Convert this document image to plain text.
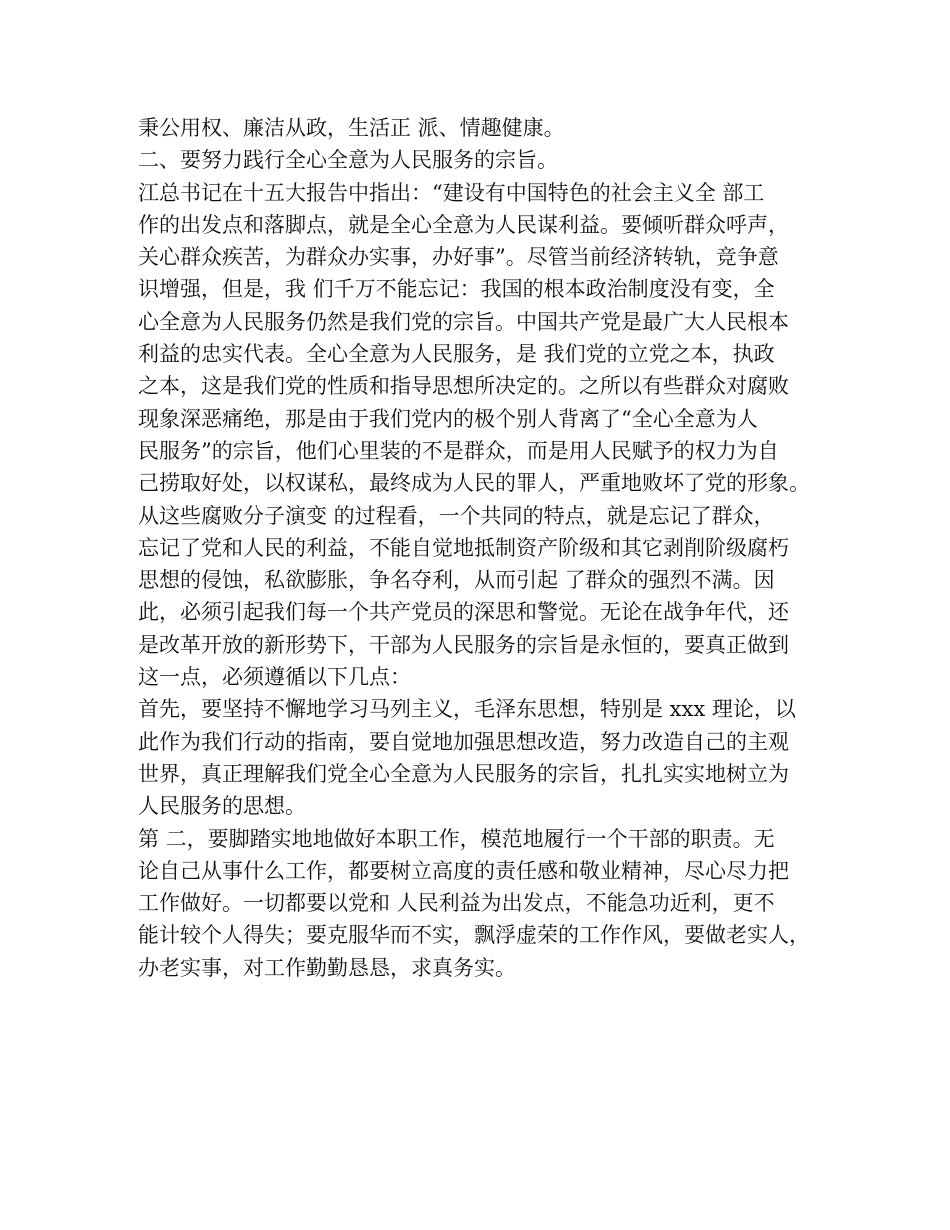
秉公用权、廉洁从政，生活正 派、情趣健康。
二、要努力践行全心全意为人民服务的宗旨。
江总书记在十五大报告中指出：“建设有中国特色的社会主义全 部工
作的出发点和落脚点，就是全心全意为人民谋利益。要倾听群众呼声，
关心群众疾苦，为群众办实事，办好事”。尽管当前经济转轨，竞争意
识增强，但是，我 们千万不能忘记：我国的根本政治制度没有变，全
心全意为人民服务仍然是我们党的宗旨。中国共产党是最广大人民根本
利益的忠实代表。全心全意为人民服务，是 我们党的立党之本，执政
之本，这是我们党的性质和指导思想所决定的。之所以有些群众对腐败
现象深恶痛绝，那是由于我们党内的极个别人背离了“全心全意为人
民服务”的宗旨，他们心里装的不是群众，而是用人民赋予的权力为自
己捞取好处，以权谋私，最终成为人民的罪人，严重地败坏了党的形象。
从这些腐败分子演变 的过程看，一个共同的特点，就是忘记了群众，
忘记了党和人民的利益，不能自觉地抵制资产阶级和其它剥削阶级腐朽
思想的侵蚀，私欲膨胀，争名夺利，从而引起 了群众的强烈不满。因
此，必须引起我们每一个共产党员的深思和警觉。无论在战争年代，还
是改革开放的新形势下，干部为人民服务的宗旨是永恒的，要真正做到
这一点，必须遵循以下几点：
首先，要坚持不懈地学习马列主义，毛泽东思想，特别是 xxx 理论，以
此作为我们行动的指南，要自觉地加强思想改造，努力改造自己的主观
世界，真正理解我们党全心全意为人民服务的宗旨，扎扎实实地树立为
人民服务的思想。
第 二，要脚踏实地地做好本职工作，模范地履行一个干部的职责。无
论自己从事什么工作，都要树立高度的责任感和敬业精神，尽心尽力把
工作做好。一切都要以党和 人民利益为出发点，不能急功近利，更不
能计较个人得失；要克服华而不实，飘浮虚荣的工作作风，要做老实人，
办老实事，对工作勤勤恳恳，求真务实。
